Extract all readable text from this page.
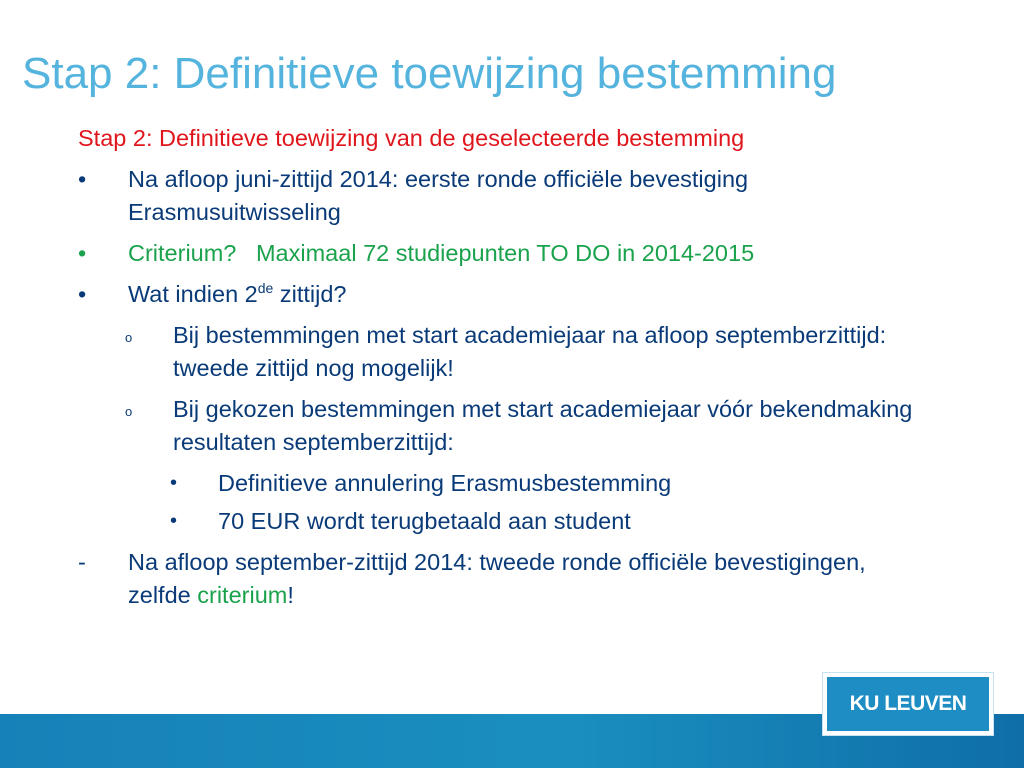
Stap 2: Definitieve toewijzing bestemming

Stap 2: Definitieve toewijzing van de geselecteerde bestemming

• Na afloop juni-zittijd 2014: eerste ronde officiële bevestiging Erasmusuitwisseling
• Criterium? Maximaal 72 studiepunten TO DO in 2014-2015
• Wat indien 2de zittijd?
o Bij bestemmingen met start academiejaar na afloop septemberzittijd: tweede zittijd nog mogelijk!
o Bij gekozen bestemmingen met start academiejaar vóór bekendmaking resultaten septemberzittijd:
• Definitieve annulering Erasmusbestemming
• 70 EUR wordt terugbetaald aan student
- Na afloop september-zittijd 2014: tweede ronde officiële bevestigingen, zelfde criterium!
KU LEUVEN
